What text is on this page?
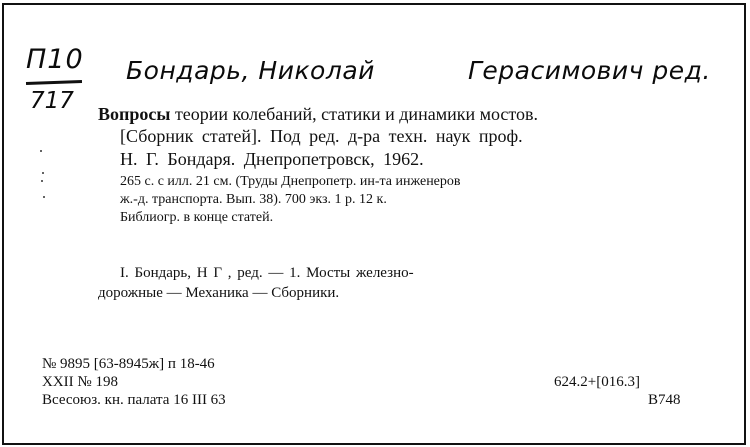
П10
717
Бондарь, Николай	Герасимович ред.
Вопросы теории колебаний, статики и динамики мостов.
[Сборник статей]. Под ред. д-ра техн. наук проф.
Н. Г. Бондаря. Днепропетровск, 1962.
265 с. с илл. 21 см. (Труды Днепропетр. ин-та инженеров
ж.-д. транспорта. Вып. 38). 700 экз. 1 р. 12 к.
Библиогр. в конце статей.
I. Бондарь, Н Г , ред. — 1. Мосты железно-
дорожные — Механика — Сборники.
№ 9895 [63-8945ж] п 18-46
XXII № 198
Всесоюз. кн. палата 16 III 63
624.2+[016.3]
В748
